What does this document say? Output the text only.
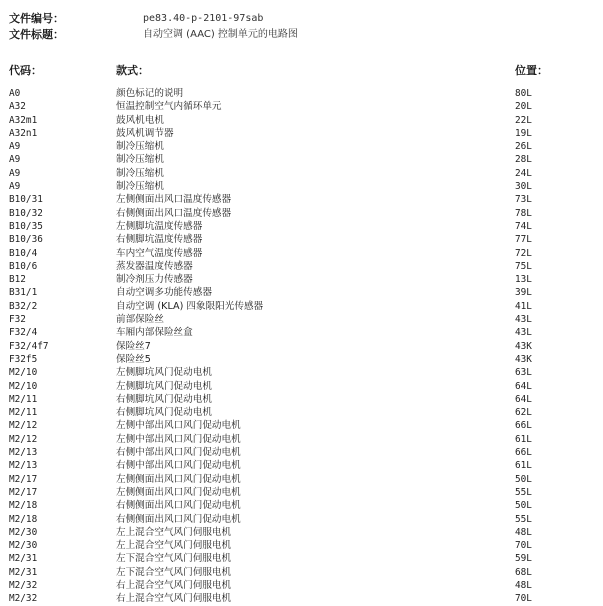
文件编号：	pe83.40-p-2101-97sab
文件标题：	自动空调 (AAC) 控制单元的电路图
代码：	款式：	位置：
A0	颜色标记的说明	80L
A32	恒温控制空气内循环单元	20L
A32m1	鼓风机电机	22L
A32n1	鼓风机调节器	19L
A9	制冷压缩机	26L
A9	制冷压缩机	28L
A9	制冷压缩机	24L
A9	制冷压缩机	30L
B10/31	左侧侧面出风口温度传感器	73L
B10/32	右侧侧面出风口温度传感器	78L
B10/35	左侧脚坑温度传感器	74L
B10/36	右侧脚坑温度传感器	77L
B10/4	车内空气温度传感器	72L
B10/6	蒸发器温度传感器	75L
B12	制冷剂压力传感器	13L
B31/1	自动空调多功能传感器	39L
B32/2	自动空调 (KLA) 四象限阳光传感器	41L
F32	前部保险丝	43L
F32/4	车厢内部保险丝盒	43L
F32/4f7	保险丝7	43K
F32f5	保险丝5	43K
M2/10	左侧脚坑风门促动电机	63L
M2/10	左侧脚坑风门促动电机	64L
M2/11	右侧脚坑风门促动电机	64L
M2/11	右侧脚坑风门促动电机	62L
M2/12	左侧中部出风口风门促动电机	66L
M2/12	左侧中部出风口风门促动电机	61L
M2/13	右侧中部出风口风门促动电机	66L
M2/13	右侧中部出风口风门促动电机	61L
M2/17	左侧侧面出风口风门促动电机	50L
M2/17	左侧侧面出风口风门促动电机	55L
M2/18	右侧侧面出风口风门促动电机	50L
M2/18	右侧侧面出风口风门促动电机	55L
M2/30	左上混合空气风门伺服电机	48L
M2/30	左上混合空气风门伺服电机	70L
M2/31	左下混合空气风门伺服电机	59L
M2/31	左下混合空气风门伺服电机	68L
M2/32	右上混合空气风门伺服电机	48L
M2/32	右上混合空气风门伺服电机	70L
